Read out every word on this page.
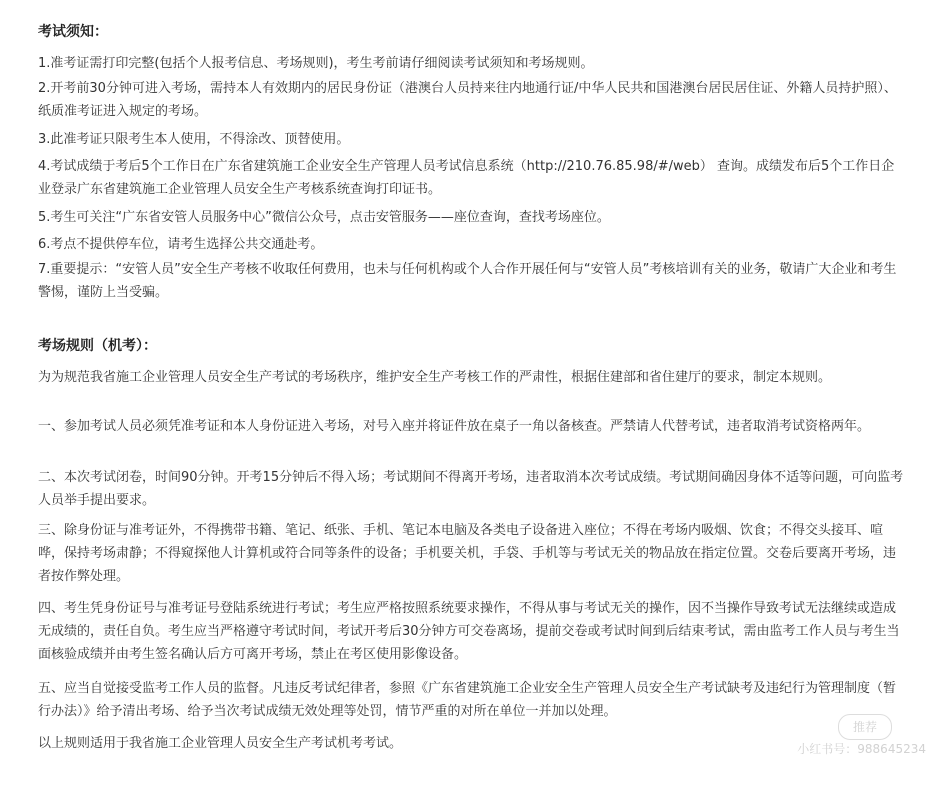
考试须知：

1.准考证需打印完整(包括个人报考信息、考场规则)，考生考前请仔细阅读考试须知和考场规则。

2.开考前30分钟可进入考场，需持本人有效期内的居民身份证（港澳台人员持来往内地通行证/中华人民共和国港澳台居民居住证、外籍人员持护照）、纸质准考证进入规定的考场。

3.此准考证只限考生本人使用，不得涂改、顶替使用。

4.考试成绩于考后5个工作日在广东省建筑施工企业安全生产管理人员考试信息系统（http://210.76.85.98/#/web） 查询。成绩发布后5个工作日企业登录广东省建筑施工企业管理人员安全生产考核系统查询打印证书。

5.考生可关注“广东省安管人员服务中心”微信公众号，点击安管服务——座位查询，查找考场座位。

6.考点不提供停车位，请考生选择公共交通赴考。

7.重要提示：“安管人员”安全生产考核不收取任何费用，也未与任何机构或个人合作开展任何与“安管人员”考核培训有关的业务，敬请广大企业和考生警惕，谨防上当受骗。

考场规则（机考）：

为为规范我省施工企业管理人员安全生产考试的考场秩序，维护安全生产考核工作的严肃性，根据住建部和省住建厅的要求，制定本规则。

一、参加考试人员必须凭准考证和本人身份证进入考场，对号入座并将证件放在桌子一角以备核查。严禁请人代替考试，违者取消考试资格两年。

二、本次考试闭卷，时间90分钟。开考15分钟后不得入场；考试期间不得离开考场，违者取消本次考试成绩。考试期间确因身体不适等问题，可向监考人员举手提出要求。

三、除身份证与准考证外，不得携带书籍、笔记、纸张、手机、笔记本电脑及各类电子设备进入座位；不得在考场内吸烟、饮食；不得交头接耳、喧哗，保持考场肃静；不得窥探他人计算机或符合同等条件的设备；手机要关机，手袋、手机等与考试无关的物品放在指定位置。交卷后要离开考场，违者按作弊处理。

四、考生凭身份证号与准考证号登陆系统进行考试；考生应严格按照系统要求操作，不得从事与考试无关的操作，因不当操作导致考试无法继续或造成无成绩的，责任自负。考生应当严格遵守考试时间，考试开考后30分钟方可交卷离场，提前交卷或考试时间到后结束考试，需由监考工作人员与考生当面核验成绩并由考生签名确认后方可离开考场，禁止在考区使用影像设备。

五、应当自觉接受监考工作人员的监督。凡违反考试纪律者，参照《广东省建筑施工企业安全生产管理人员安全生产考试缺考及违纪行为管理制度（暂行办法）》给予清出考场、给予当次考试成绩无效处理等处罚，情节严重的对所在单位一并加以处理。

以上规则适用于我省施工企业管理人员安全生产考试机考考试。

推荐
小红书号：988645234
